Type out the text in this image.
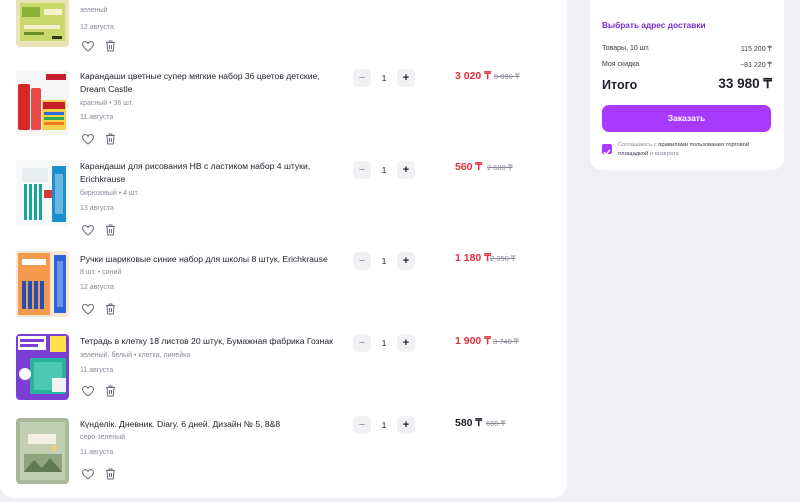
зеленый
12 августа
Карандаши цветные супер мягкие набор 36 цветов детские, Dream Castle
красный • 36 шт.
11 августа
−	1	+	3 020 ₸ 5 890 ₸
Карандаши для рисования НВ с ластиком набор 4 штуки, Erichkrause
бирюзовый • 4 шт.
13 августа
−	1	+	560 ₸ 2 680 ₸
Ручки шариковые синие набор для школы 8 штук, Erichkrause
8 шт. • синий
12 августа
−	1	+	1 180 ₸ 2 350 ₸
Тетрадь в клетку 18 листов 20 штук, Бумажная фабрика Гознак
зеленый, белый • клетка, линейка
11 августа
−	1	+	1 900 ₸ 3 740 ₸
Күнделік. Дневник. Diary. 6 дней. Дизайн № 5, 8&8
серо-зеленый
11 августа
−	1	+	580 ₸ 680 ₸
Выбрать адрес доставки
Товары, 10 шт.	115 200 ₸
Моя скидка	−81 220 ₸
Итого	33 980 ₸
Заказать
Соглашаюсь с правилами пользования торговой площадкой и возврата
